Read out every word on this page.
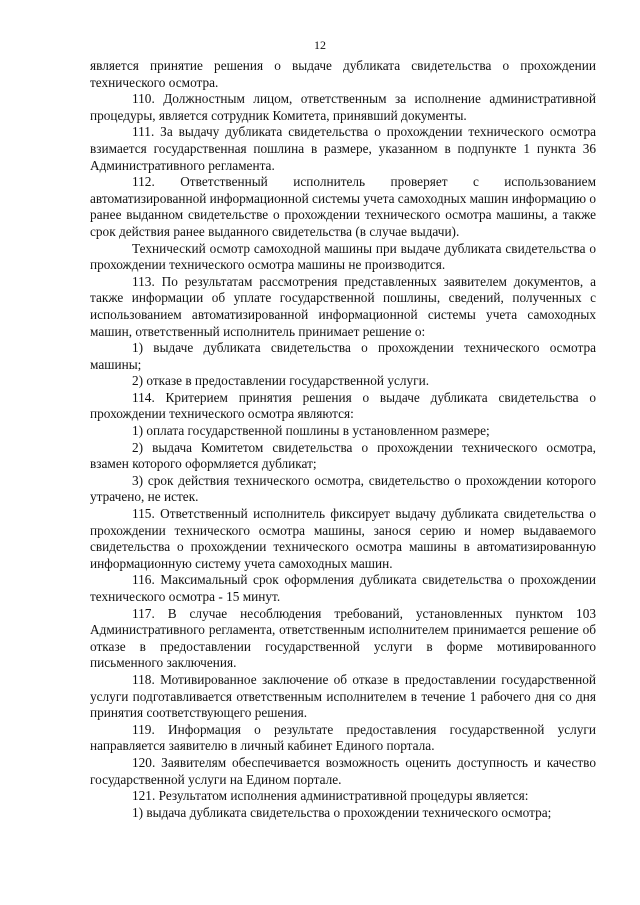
12

является принятие решения о выдаче дубликата свидетельства о прохождении технического осмотра.

110. Должностным лицом, ответственным за исполнение административной процедуры, является сотрудник Комитета, принявший документы.

111. За выдачу дубликата свидетельства о прохождении технического осмотра взимается государственная пошлина в размере, указанном в подпункте 1 пункта 36 Административного регламента.

112. Ответственный исполнитель проверяет с использованием автоматизированной информационной системы учета самоходных машин информацию о ранее выданном свидетельстве о прохождении технического осмотра машины, а также срок действия ранее выданного свидетельства (в случае выдачи).

Технический осмотр самоходной машины при выдаче дубликата свидетельства о прохождении технического осмотра машины не производится.

113. По результатам рассмотрения представленных заявителем документов, а также информации об уплате государственной пошлины, сведений, полученных с использованием автоматизированной информационной системы учета самоходных машин, ответственный исполнитель принимает решение о:

1) выдаче дубликата свидетельства о прохождении технического осмотра машины;

2) отказе в предоставлении государственной услуги.

114. Критерием принятия решения о выдаче дубликата свидетельства о прохождении технического осмотра являются:

1) оплата государственной пошлины в установленном размере;

2) выдача Комитетом свидетельства о прохождении технического осмотра, взамен которого оформляется дубликат;

3) срок действия технического осмотра, свидетельство о прохождении которого утрачено, не истек.

115. Ответственный исполнитель фиксирует выдачу дубликата свидетельства о прохождении технического осмотра машины, занося серию и номер выдаваемого свидетельства о прохождении технического осмотра машины в автоматизированную информационную систему учета самоходных машин.

116. Максимальный срок оформления дубликата свидетельства о прохождении технического осмотра - 15 минут.

117. В случае несоблюдения требований, установленных пунктом 103 Административного регламента, ответственным исполнителем принимается решение об отказе в предоставлении государственной услуги в форме мотивированного письменного заключения.

118. Мотивированное заключение об отказе в предоставлении государственной услуги подготавливается ответственным исполнителем в течение 1 рабочего дня со дня принятия соответствующего решения.

119. Информация о результате предоставления государственной услуги направляется заявителю в личный кабинет Единого портала.

120. Заявителям обеспечивается возможность оценить доступность и качество государственной услуги на Едином портале.

121. Результатом исполнения административной процедуры является:

1) выдача дубликата свидетельства о прохождении технического осмотра;
